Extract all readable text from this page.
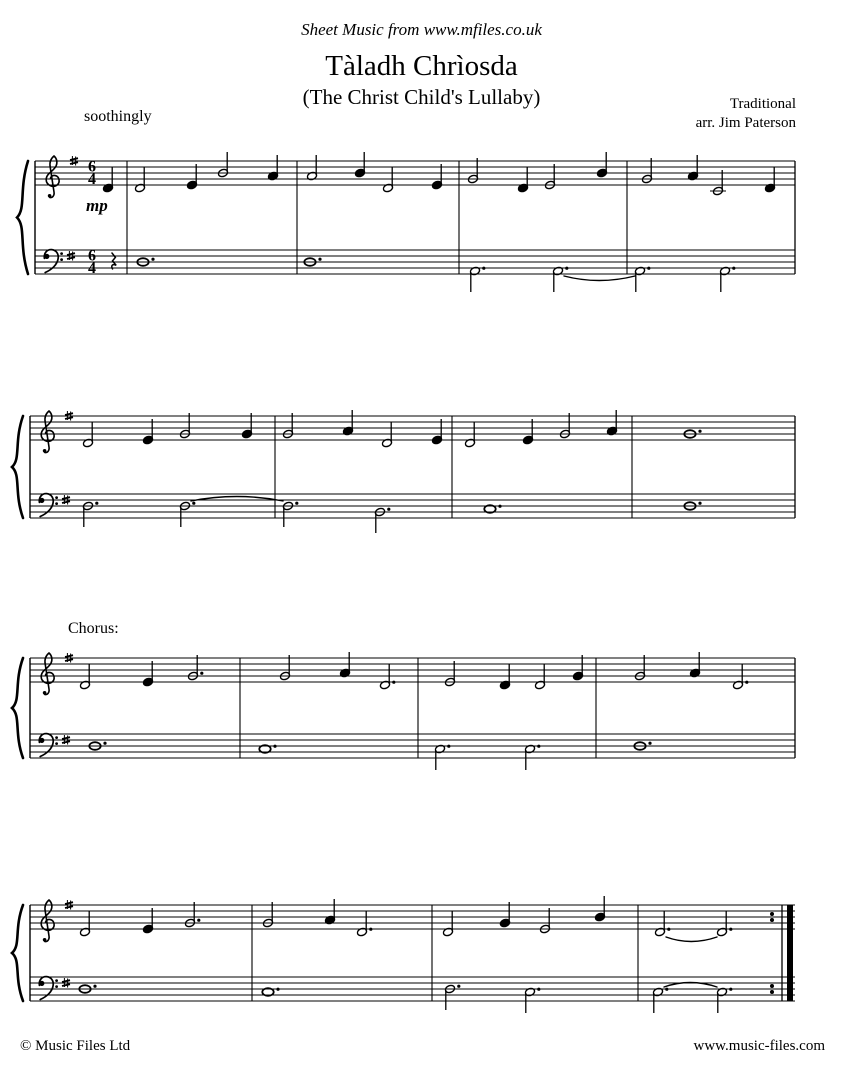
6
4
6
4
Sheet Music from www.mfiles.co.uk
Tàladh Chrìosda
(The Christ Child's Lullaby)	Traditional
arr. Jim Paterson
soothingly
mp
Chorus:
© Music Files Ltd	www.music-files.com
